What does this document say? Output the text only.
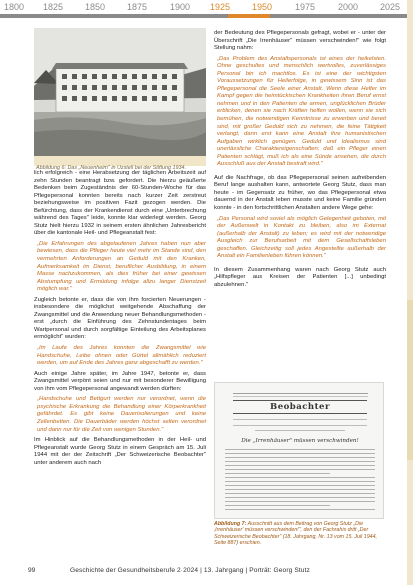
1800 1825 1850 1875	1900 1925 1950	1975	2000 2025
Abbildung 6: Das „Neuenheim" in Uzstell bei der Stiftung 1934.

lich erfolgreich - eine Herabsetzung der täglichen Arbeitszeit auf zehn Stunden beantragt bzw. gefordert. Die hierzu geäußerte Bedenken beim Zugeständnis der 60-Stunden-Woche für das Pflegepersonal konnten bereits nach kurzer Zeit zerstreut beziehungsweise im positiven Fazit gezogen werden. Die Befürchtung, dass der Krankendienst durch eine „Unterbrechung während des Tages" leide, konnte klar widerlegt werden. Georg Stutz hielt hierzu 1932 in seinem ersten ähnlichen Jahresbericht über die kantonale Heil- und Pflegeanstalt fest:

„Die Erfahrungen des abgelaufenen Jahres haben nun aber bewiesen, dass die Pfleger heute viel mehr im Stande sind, den vermehrten Anforderungen an Geduld mit den Kranken, Aufmerksamkeit im Dienst, beruflicher Ausbildung, in einem Masse nachzukommen, als dies früher bei einer gewissen Abstumpfung und Ermüdung infolge allzu langer Dienstzeit möglich war."

Zugleich betonte er, dass die von ihm forcierten Neuerungen - insbesondere die möglichst weitgehende Abschaffung der Zwangsmittel und die Anwendung neuer Behandlungsmethoden - erst „durch die Einführung des Zehnstundentages beim Wartpersonal und durch sorgfältige Einteilung des Arbeitsplanes ermöglicht" wurden:

„Im Laufe des Jahres konnten die Zwangsmittel wie Handschuhe, Leibe ohnen oder Gürtel allmählich reduziert werden, um auf Ende des Jahres ganz abgeschafft zu werden."

Auch einige Jahre später, im Jahre 1947, betonte er, dass Zwangsmittel verpönt seien und nur mit besonderer Bewilligung von ihm vom Pflegepersonal angewandt werden dürften:

„Handschuhe und Bettgurt werden nur verordnet, wenn die psychische Erkrankung die Behandlung einer Körperkrankheit gefährdet. Es gibt keine Dauerisolierungen und keine Zellenbetten. Die Dauerbäder werden höchst selten verordnet und dann nur für die Zeit von wenigen Stunden."

Im Hinblick auf die Behandlungsmethoden in der Heil- und Pflegeanstalt wurde Georg Stutz in einem Gespräch am 15. Juli 1944 mit der der Zeitschrift „Der Schweizerische Beobachter" unter anderem auch nach

der Bedeutung des Pflegepersonals gefragt, wobei er - unter der Überschrift „Die Irrenhäuser" müssen verschwinden!" wie folgt Stellung nahm:

„Das Problem des Anstaltspersonals ist eines der heikelsten. Ohne geschultes und menschlich wertvolles, zuverlässiges Personal bin ich machtlos. Es ist eine der wichtigsten Voraussetzungen für Heilerfolge, in gewissem Sinn ist das Pflegepersonal die Seele einer Anstalt. Wenn diese Helfer im Kampf gegen die heimtückischen Krankheiten ihren Beruf ernst nehmen und in den Patienten die armen, unglücklichen Brüder erblicken, denen sie nach Kräften helfen wollen, wenn sie sich bemühen, die notwendigen Kenntnisse zu erwerben und bereit sind, mit großer Geduld sich zu nehmen, die feine Tätigkeit verlangt, dann erst kann eine Anstalt ihre humanistischen Aufgaben wirklich genügen. Geduld und Idealismus sind unerlässliche Charaktereigenschaften; daß ein Pfleger einen Patienten schlägt, muß ich als eine Sünde ansehen, die durch Ausschluß aus der Anstalt bestraft wird."

Auf die Nachfrage, ob das Pflegepersonal seinen aufreibenden Beruf lange aushalten kann, antwortete Georg Stutz, dass man heute - im Gegensatz zu früher, wo das Pflegepersonal etwa dauernd in der Anstalt leben musste und keine Familie gründen konnte - in den fortschrittlichen Anstalten andere Wege gehe:

„Das Personal wird soviel als möglich Gelegenheit geboten, mit der Außenwelt in Kontakt zu bleiben, also im Externat (außerhalb der Anstalt) zu leben; es wird mit der notwendige Ausgleich zur Berufsarbeit mit dem Gesellschaftsleben geschaffen. Gleichzeitig soll jedes Angestellte außerhalb der Anstalt ein Familienleben führen können."

In diesem Zusammenhang waren nach Georg Stutz auch „Hilfspfleger aus Kreisen der Patienten [...] unbedingt abzulehnen."

Beobachter
Die „Irrenhäuser" müssen verschwinden!
Abbildung 7: Ausschnitt aus dem Beitrag von Georg Stutz „Die ‚Irrenhäuser' müssen verschwinden!", den der Fachrahis dritt „Der Schweizerische Beobachter" (18. Jahrgang, Nr. 13 vom 15. Juli 1944, Seite 887) erschien.
99	Geschichte der Gesundheitsberufe 2·2024 | 13. Jahrgang | Porträt: Georg Stutz
